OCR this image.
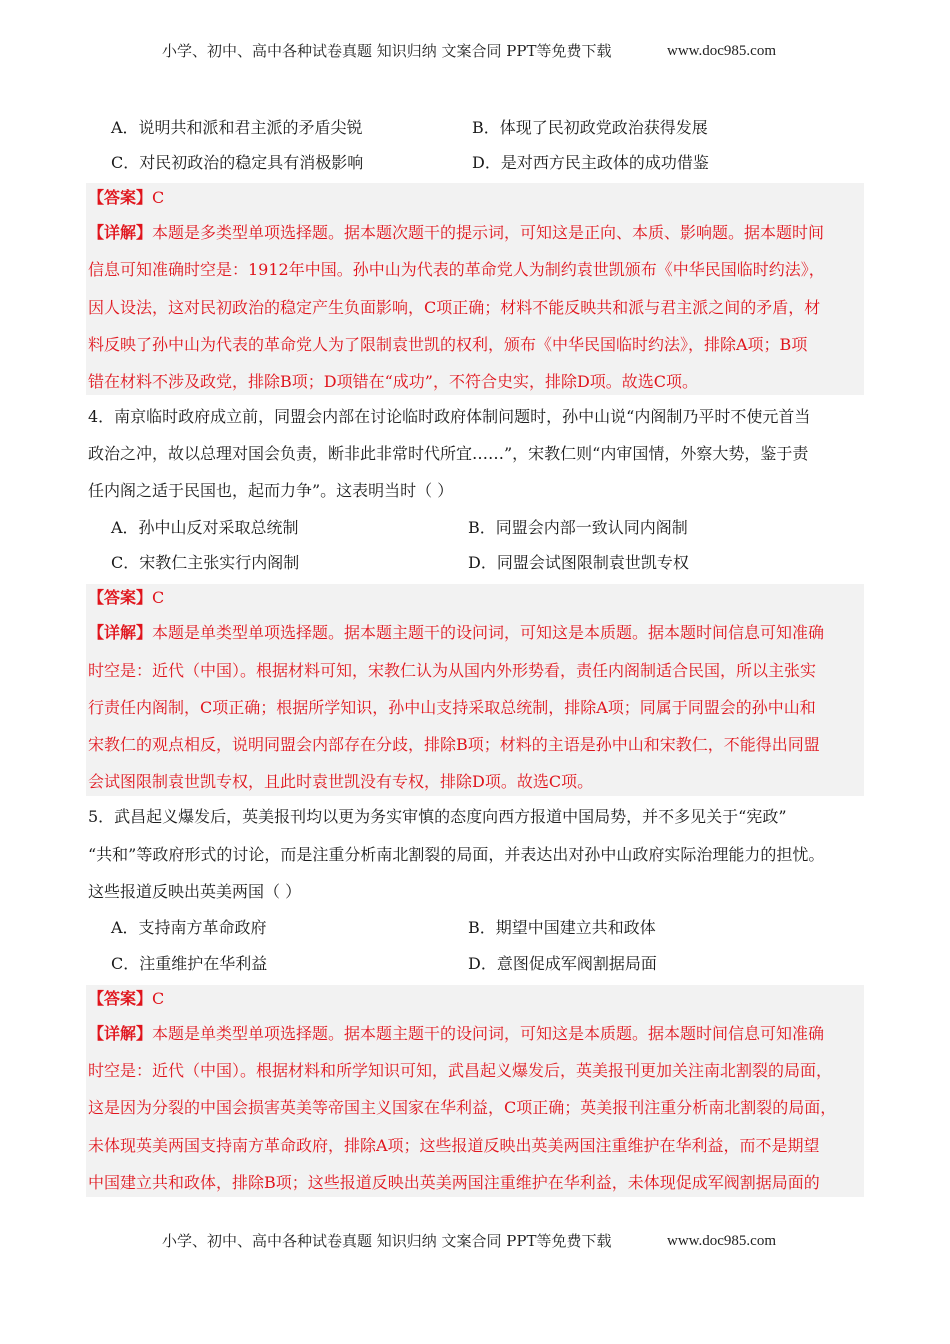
小学、初中、高中各种试卷真题 知识归纳 文案合同 PPT等免费下载	www.doc985.com
A．说明共和派和君主派的矛盾尖锐	B．体现了民初政党政治获得发展
C．对民初政治的稳定具有消极影响	D．是对西方民主政体的成功借鉴
【答案】C
【详解】本题是多类型单项选择题。据本题次题干的提示词，可知这是正向、本质、影响题。据本题时间
信息可知准确时空是：1912年中国。孙中山为代表的革命党人为制约袁世凯颁布《中华民国临时约法》，
因人设法，这对民初政治的稳定产生负面影响，C项正确；材料不能反映共和派与君主派之间的矛盾，材
料反映了孙中山为代表的革命党人为了限制袁世凯的权利，颁布《中华民国临时约法》，排除A项；B项
错在材料不涉及政党，排除B项；D项错在“成功”，不符合史实，排除D项。故选C项。
4．南京临时政府成立前，同盟会内部在讨论临时政府体制问题时，孙中山说“内阁制乃平时不使元首当
政治之冲，故以总理对国会负责，断非此非常时代所宜……”，宋教仁则“内审国情，外察大势，鉴于责
任内阁之适于民国也，起而力争”。这表明当时（ ）
A．孙中山反对采取总统制	B．同盟会内部一致认同内阁制
C．宋教仁主张实行内阁制	D．同盟会试图限制袁世凯专权
【答案】C
【详解】本题是单类型单项选择题。据本题主题干的设问词，可知这是本质题。据本题时间信息可知准确
时空是：近代（中国）。根据材料可知，宋教仁认为从国内外形势看，责任内阁制适合民国，所以主张实
行责任内阁制，C项正确；根据所学知识，孙中山支持采取总统制，排除A项；同属于同盟会的孙中山和
宋教仁的观点相反，说明同盟会内部存在分歧，排除B项；材料的主语是孙中山和宋教仁，不能得出同盟
会试图限制袁世凯专权，且此时袁世凯没有专权，排除D项。故选C项。
5．武昌起义爆发后，英美报刊均以更为务实审慎的态度向西方报道中国局势，并不多见关于“宪政”
“共和”等政府形式的讨论，而是注重分析南北割裂的局面，并表达出对孙中山政府实际治理能力的担忧。
这些报道反映出英美两国（ ）
A．支持南方革命政府	B．期望中国建立共和政体
C．注重维护在华利益	D．意图促成军阀割据局面
【答案】C
【详解】本题是单类型单项选择题。据本题主题干的设问词，可知这是本质题。据本题时间信息可知准确
时空是：近代（中国）。根据材料和所学知识可知，武昌起义爆发后，英美报刊更加关注南北割裂的局面，
这是因为分裂的中国会损害英美等帝国主义国家在华利益，C项正确；英美报刊注重分析南北割裂的局面，
未体现英美两国支持南方革命政府，排除A项；这些报道反映出英美两国注重维护在华利益，而不是期望
中国建立共和政体，排除B项；这些报道反映出英美两国注重维护在华利益，未体现促成军阀割据局面的
小学、初中、高中各种试卷真题 知识归纳 文案合同 PPT等免费下载	www.doc985.com
